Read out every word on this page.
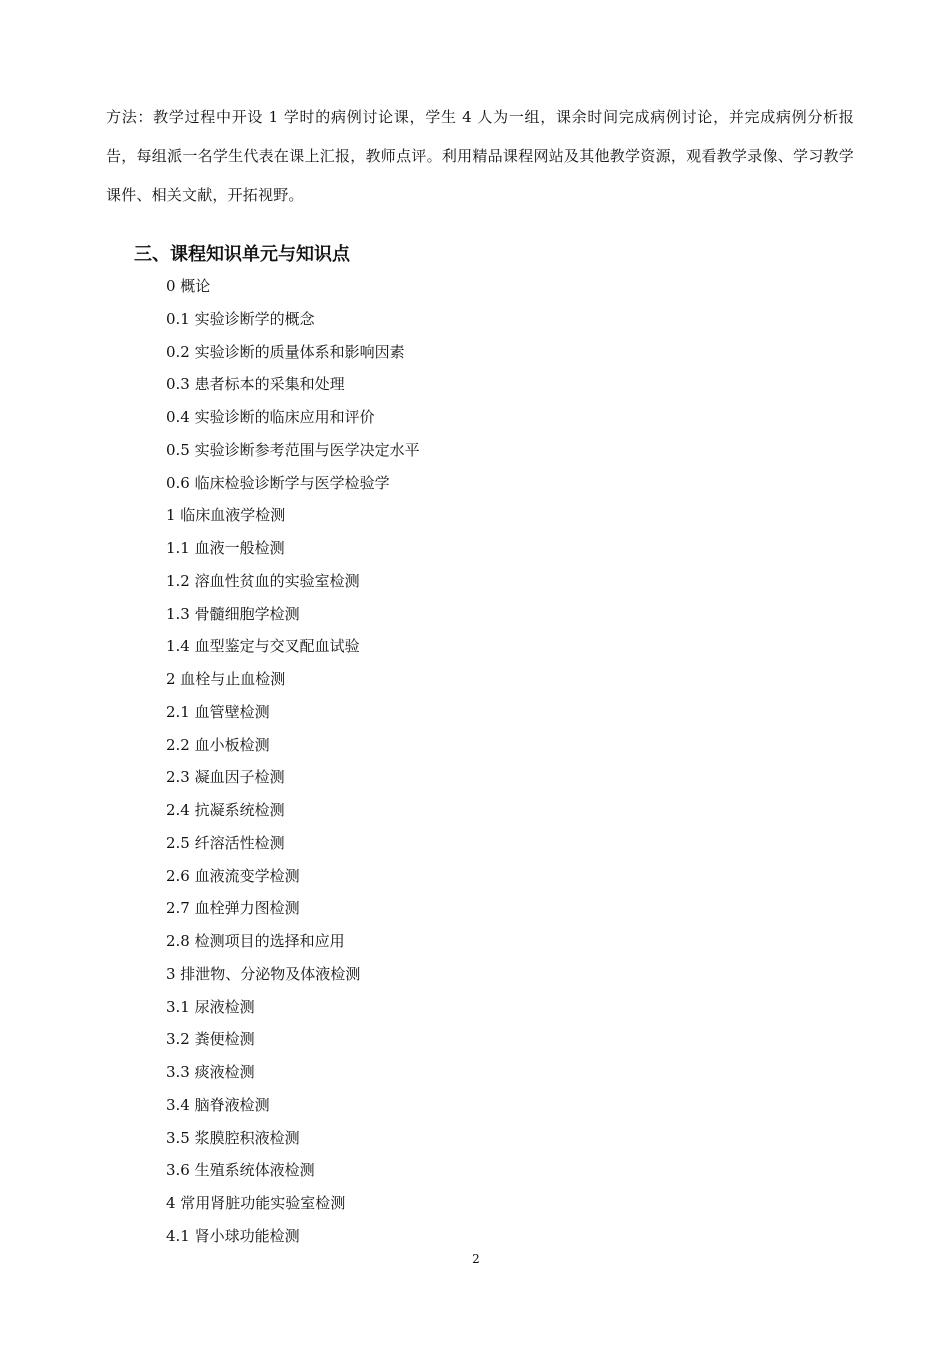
方法：教学过程中开设 1 学时的病例讨论课，学生 4 人为一组，课余时间完成病例讨论，并完成病例分析报告，每组派一名学生代表在课上汇报，教师点评。利用精品课程网站及其他教学资源，观看教学录像、学习教学课件、相关文献，开拓视野。

三、课程知识单元与知识点
0 概论
0.1 实验诊断学的概念
0.2 实验诊断的质量体系和影响因素
0.3 患者标本的采集和处理
0.4 实验诊断的临床应用和评价
0.5 实验诊断参考范围与医学决定水平
0.6 临床检验诊断学与医学检验学
1 临床血液学检测
1.1 血液一般检测
1.2 溶血性贫血的实验室检测
1.3 骨髓细胞学检测
1.4 血型鉴定与交叉配血试验
2 血栓与止血检测
2.1 血管壁检测
2.2 血小板检测
2.3 凝血因子检测
2.4 抗凝系统检测
2.5 纤溶活性检测
2.6 血液流变学检测
2.7 血栓弹力图检测
2.8 检测项目的选择和应用
3 排泄物、分泌物及体液检测
3.1 尿液检测
3.2 粪便检测
3.3 痰液检测
3.4 脑脊液检测
3.5 浆膜腔积液检测
3.6 生殖系统体液检测
4 常用肾脏功能实验室检测
4.1 肾小球功能检测
2
